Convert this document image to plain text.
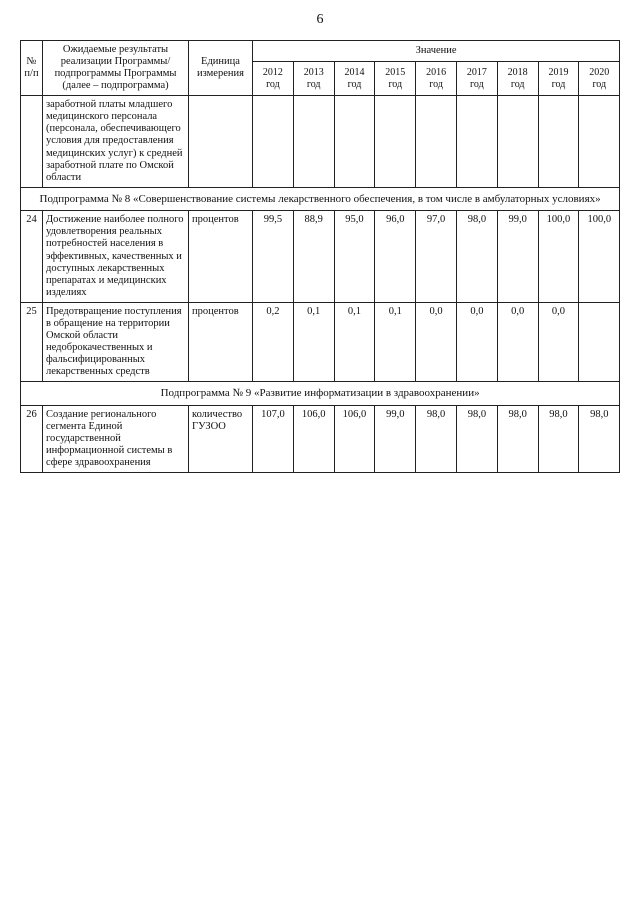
6
№ п/п	Ожидаемые результаты реализации Программы/подпрограммы Программы (далее – подпрограмма)	Единица измерения	Значение								
			2012 год	2013 год	2014 год	2015 год	2016 год	2017 год	2018 год	2019 год	2020 год
	заработной платы младшего медицинского персонала (персонала, обеспечивающего условия для предоставления медицинских услуг) к средней заработной плате по Омской области										
Подпрограмма № 8 «Совершенствование системы лекарственного обеспечения, в том числе в амбулаторных условиях»											
24	Достижение наиболее полного удовлетворения реальных потребностей населения в эффективных, качественных и доступных лекарственных препаратах и медицинских изделиях	процентов	99,5	88,9	95,0	96,0	97,0	98,0	99,0	100,0	100,0
25	Предотвращение поступления в обращение на территории Омской области недоброкачественных и фальсифицированных лекарственных средств	процентов	0,2	0,1	0,1	0,1	0,0	0,0	0,0	0,0	
Подпрограмма № 9 «Развитие информатизации в здравоохранении»											
26	Создание регионального сегмента Единой государственной информационной системы в сфере здравоохранения	количество ГУЗОО	107,0	106,0	106,0	99,0	98,0	98,0	98,0	98,0	98,0
